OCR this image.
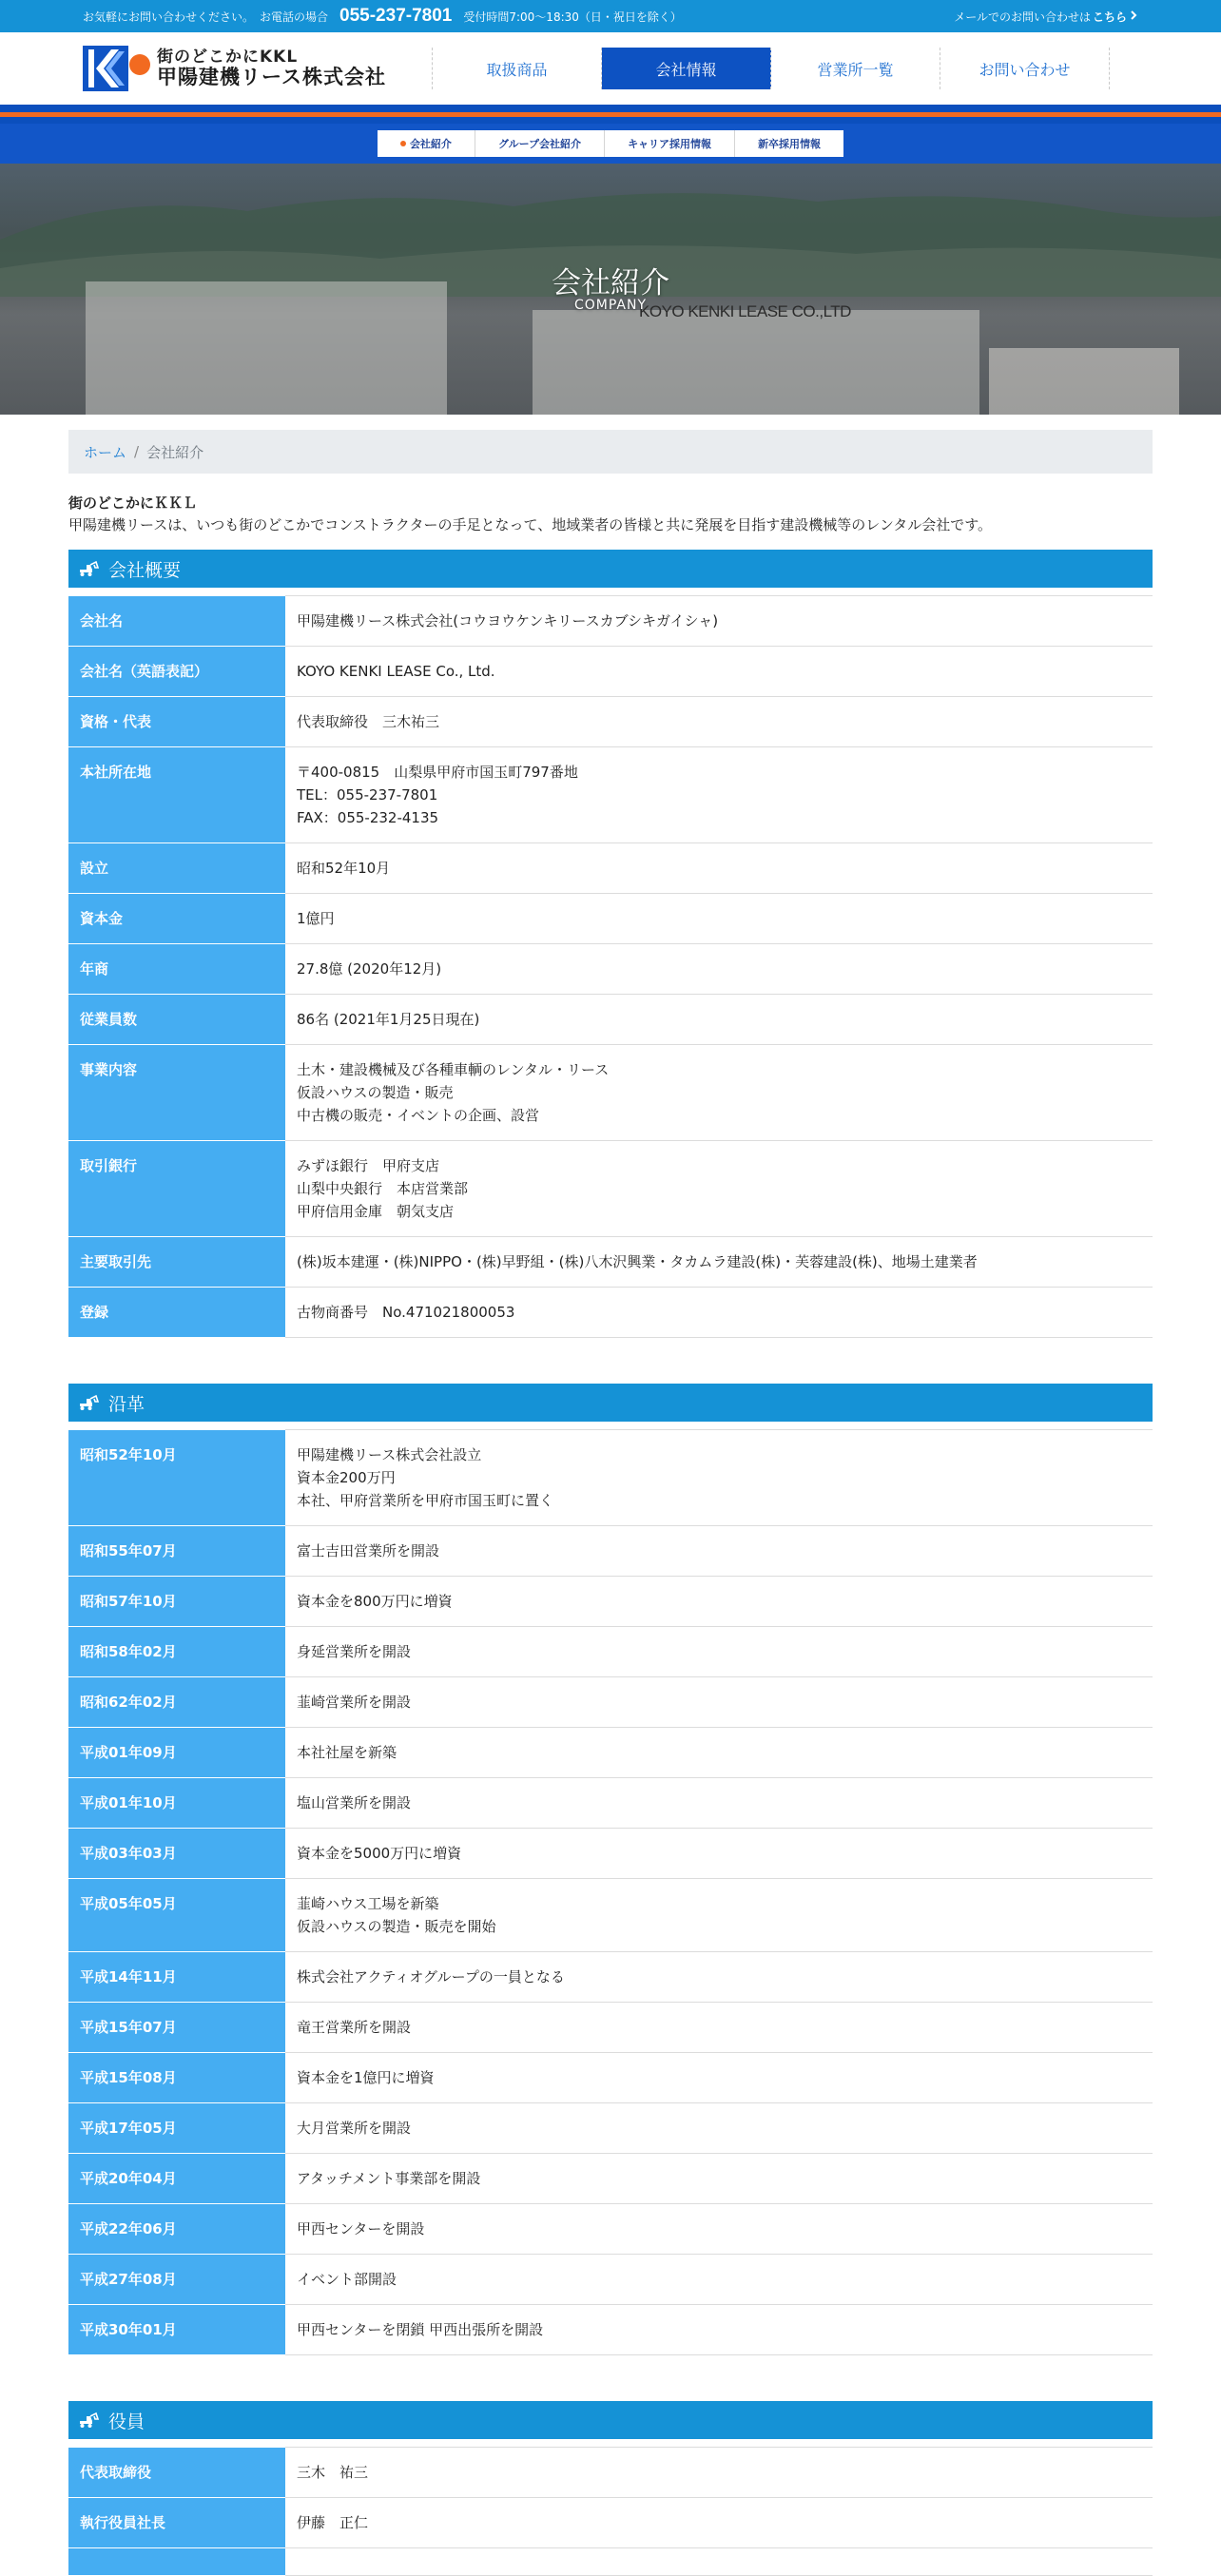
お気軽にお問い合わせください。 お電話の場合 055-237-7801 受付時間7:00〜18:30（日・祝日を除く）	メールでのお問い合わせは こちら
街のどこかにKKL
甲陽建機リース株式会社	取扱商品	会社情報	営業所一覧	お問い合わせ
会社紹介	グループ会社紹介	キャリア採用情報	新卒採用情報
KOYO KENKI LEASE CO.,LTD
会社紹介
COMPANY
ホーム / 会社紹介
街のどこかにＫＫＬ
甲陽建機リースは、いつも街のどこかでコンストラクターの手足となって、地域業者の皆様と共に発展を目指す建設機械等のレンタル会社です。
会社概要
会社名	甲陽建機リース株式会社(コウヨウケンキリースカブシキガイシャ)

会社名（英語表記）	KOYO KENKI LEASE Co., Ltd.

資格・代表	代表取締役　三木祐三

本社所在地	〒400-0815　山梨県甲府市国玉町797番地
TEL：055-237-7801
FAX：055-232-4135

設立	昭和52年10月

資本金	1億円

年商	27.8億 (2020年12月)

従業員数	86名 (2021年1月25日現在)

事業内容	土木・建設機械及び各種車輌のレンタル・リース
仮設ハウスの製造・販売
中古機の販売・イベントの企画、設営

取引銀行	みずほ銀行　甲府支店
山梨中央銀行　本店営業部
甲府信用金庫　朝気支店

主要取引先	(株)坂本建運・(株)NIPPO・(株)早野組・(株)八木沢興業・タカムラ建設(株)・芙蓉建設(株)、地場土建業者

登録	古物商番号　No.471021800053
沿革
昭和52年10月	甲陽建機リース株式会社設立
資本金200万円
本社、甲府営業所を甲府市国玉町に置く

昭和55年07月	富士吉田営業所を開設

昭和57年10月	資本金を800万円に増資

昭和58年02月	身延営業所を開設

昭和62年02月	韮崎営業所を開設

平成01年09月	本社社屋を新築

平成01年10月	塩山営業所を開設

平成03年03月	資本金を5000万円に増資

平成05年05月	韮崎ハウス工場を新築
仮設ハウスの製造・販売を開始

平成14年11月	株式会社アクティオグループの一員となる

平成15年07月	竜王営業所を開設

平成15年08月	資本金を1億円に増資

平成17年05月	大月営業所を開設

平成20年04月	アタッチメント事業部を開設

平成22年06月	甲西センターを開設

平成27年08月	イベント部開設

平成30年01月	甲西センターを閉鎖 甲西出張所を開設
役員
代表取締役	三木　祐三

執行役員社長	伊藤　正仁
